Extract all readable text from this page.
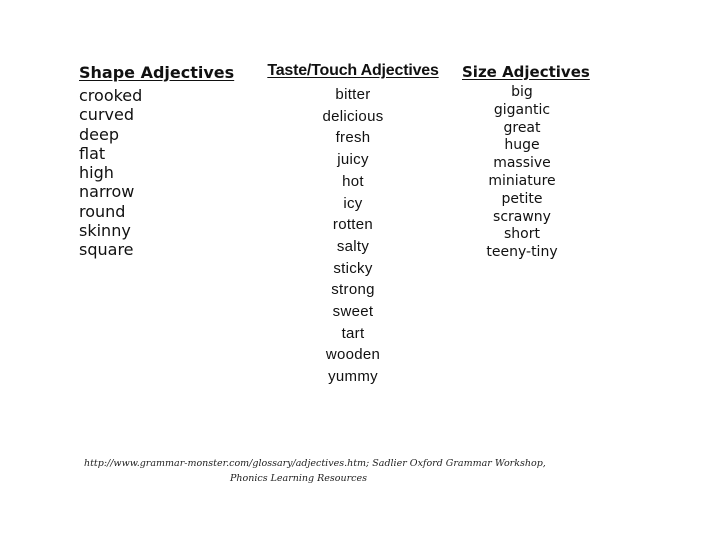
Shape Adjectives
crooked
curved
deep
flat
high
narrow
round
skinny
square
Taste/Touch Adjectives
bitter
delicious
fresh
juicy
hot
icy
rotten
salty
sticky
strong
sweet
tart
wooden
yummy
Size Adjectives
big
gigantic
great
huge
massive
miniature
petite
scrawny
short
teeny-tiny
http://www.grammar-monster.com/glossary/adjectives.htm; Sadlier Oxford Grammar Workshop,
Phonics Learning Resources
